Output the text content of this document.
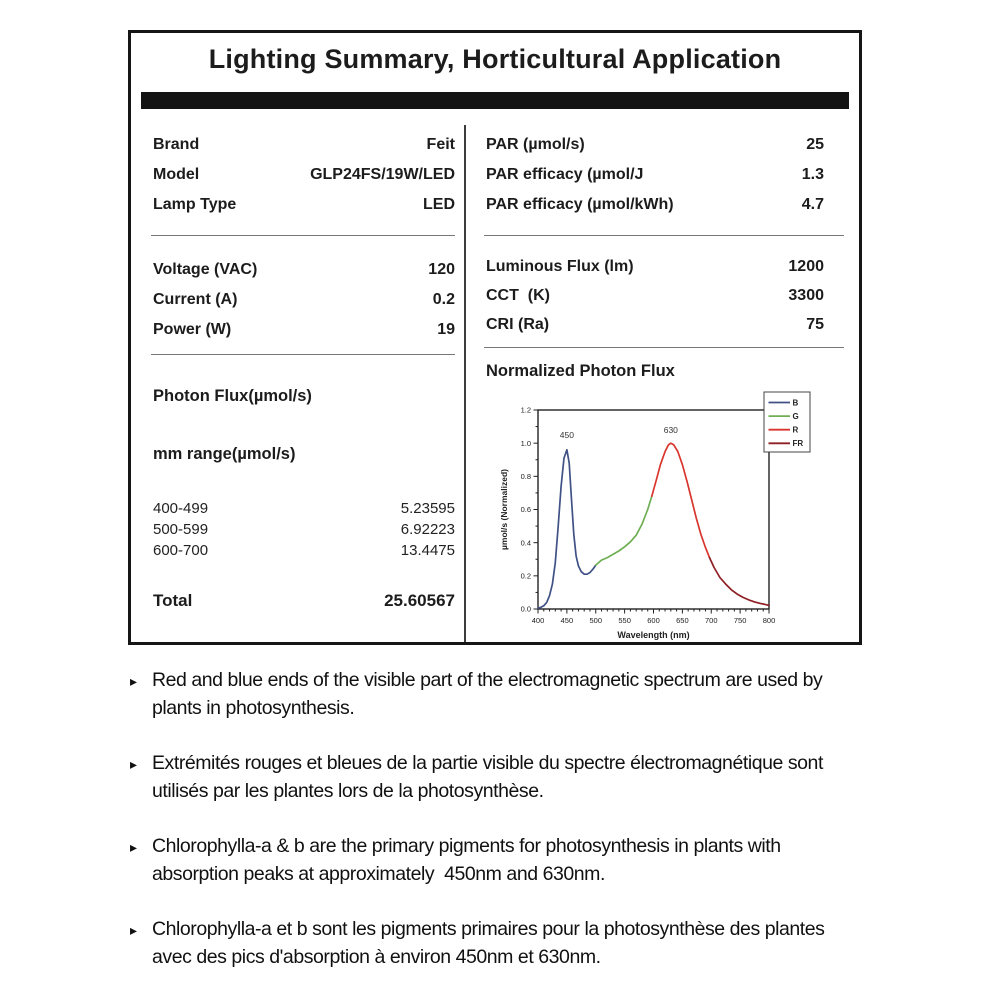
Lighting Summary, Horticultural Application
Brand	Feit
Model	GLP24FS/19W/LED
Lamp Type	LED
Voltage (VAC)	120
Current (A)	0.2
Power (W)	19
Photon Flux(µmol/s)
mm range(µmol/s)
400-499	5.23595
500-599	6.92223
600-700	13.4475
Total	25.60567
PAR (µmol/s)	25
PAR efficacy (µmol/J	1.3
PAR efficacy (µmol/kWh)	4.7
Luminous Flux (lm)	1200
CCT  (K)	3300
CRI (Ra)	75
Normalized Photon Flux
400 450 500 550 600 650 700 750 800
0.0
0.2
0.4
0.6
0.8
1.0
1.2
Wavelength (nm)
µmol/s (Normalized)
450	630
B
G
R
FR
▸ Red and blue ends of the visible part of the electromagnetic spectrum are used by plants in photosynthesis.
▸ Extrémités rouges et bleues de la partie visible du spectre électromagnétique sont utilisés par les plantes lors de la photosynthèse.
▸ Chlorophylla-a & b are the primary pigments for photosynthesis in plants with absorption peaks at approximately  450nm and 630nm.
▸ Chlorophylla-a et b sont les pigments primaires pour la photosynthèse des plantes avec des pics d'absorption à environ 450nm et 630nm.
